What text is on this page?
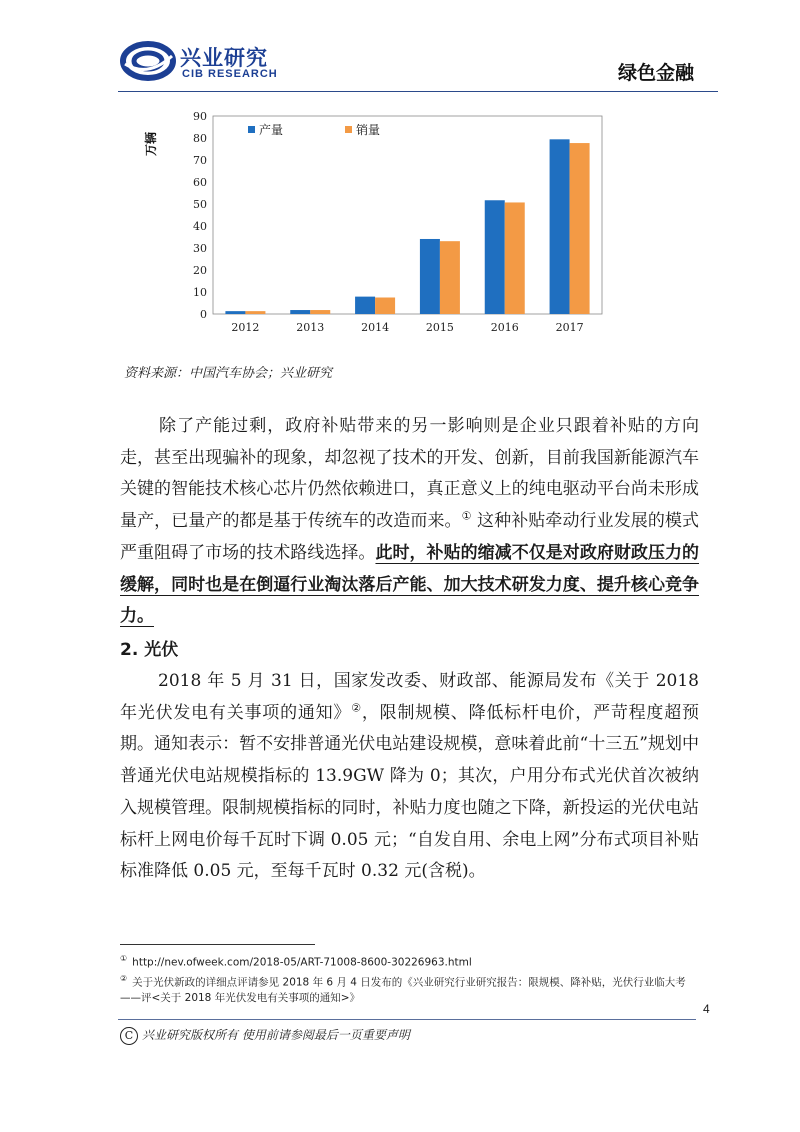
兴业研究
CIB RESEARCH	绿色金融
0
10
20
30
40
50
60
70
80
90
万辆
2012	2013	2014	2015	2016	2017
产量	销量
资料来源：中国汽车协会；兴业研究

除了产能过剩，政府补贴带来的另一影响则是企业只跟着补贴的方向走，甚至出现骗补的现象，却忽视了技术的开发、创新，目前我国新能源汽车关键的智能技术核心芯片仍然依赖进口，真正意义上的纯电驱动平台尚未形成量产，已量产的都是基于传统车的改造而来。① 这种补贴牵动行业发展的模式严重阻碍了市场的技术路线选择。此时，补贴的缩减不仅是对政府财政压力的缓解，同时也是在倒逼行业淘汰落后产能、加大技术研发力度、提升核心竞争力。

2. 光伏

2018 年 5 月 31 日，国家发改委、财政部、能源局发布《关于 2018 年光伏发电有关事项的通知》②，限制规模、降低标杆电价，严苛程度超预期。通知表示：暂不安排普通光伏电站建设规模，意味着此前“十三五”规划中普通光伏电站规模指标的 13.9GW 降为 0；其次，户用分布式光伏首次被纳入规模管理。限制规模指标的同时，补贴力度也随之下降，新投运的光伏电站标杆上网电价每千瓦时下调 0.05 元；“自发自用、余电上网”分布式项目补贴标准降低 0.05 元，至每千瓦时 0.32 元(含税)。

① http://nev.ofweek.com/2018-05/ART-71008-8600-30226963.html
② 关于光伏新政的详细点评请参见 2018 年 6 月 4 日发布的《兴业研究行业研究报告：限规模、降补贴，光伏行业临大考——评<关于 2018 年光伏发电有关事项的通知>》
4
C 兴业研究版权所有 使用前请参阅最后一页重要声明
